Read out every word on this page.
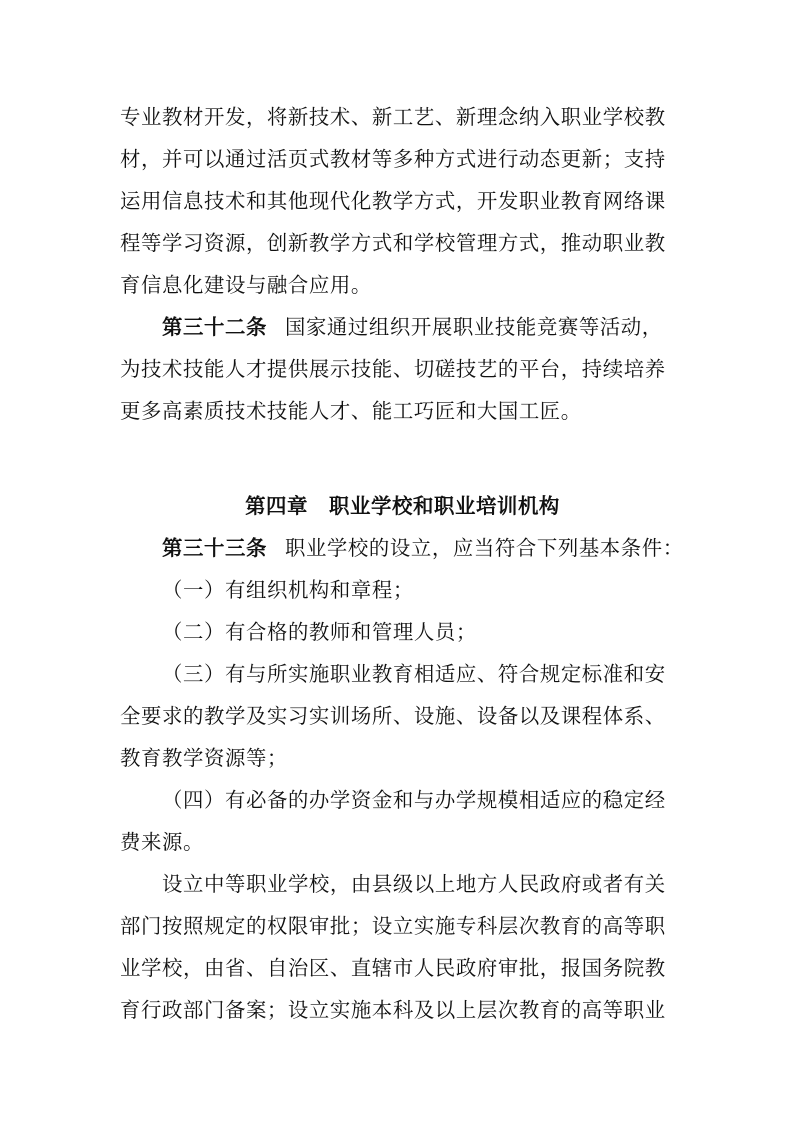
专业教材开发，将新技术、新工艺、新理念纳入职业学校教
材，并可以通过活页式教材等多种方式进行动态更新；支持
运用信息技术和其他现代化教学方式，开发职业教育网络课
程等学习资源，创新教学方式和学校管理方式，推动职业教
育信息化建设与融合应用。
第三十二条 国家通过组织开展职业技能竞赛等活动，
为技术技能人才提供展示技能、切磋技艺的平台，持续培养
更多高素质技术技能人才、能工巧匠和大国工匠。
第四章　职业学校和职业培训机构
第三十三条 职业学校的设立，应当符合下列基本条件：
（一）有组织机构和章程；
（二）有合格的教师和管理人员；
（三）有与所实施职业教育相适应、符合规定标准和安
全要求的教学及实习实训场所、设施、设备以及课程体系、
教育教学资源等；
（四）有必备的办学资金和与办学规模相适应的稳定经
费来源。
设立中等职业学校，由县级以上地方人民政府或者有关
部门按照规定的权限审批；设立实施专科层次教育的高等职
业学校，由省、自治区、直辖市人民政府审批，报国务院教
育行政部门备案；设立实施本科及以上层次教育的高等职业
